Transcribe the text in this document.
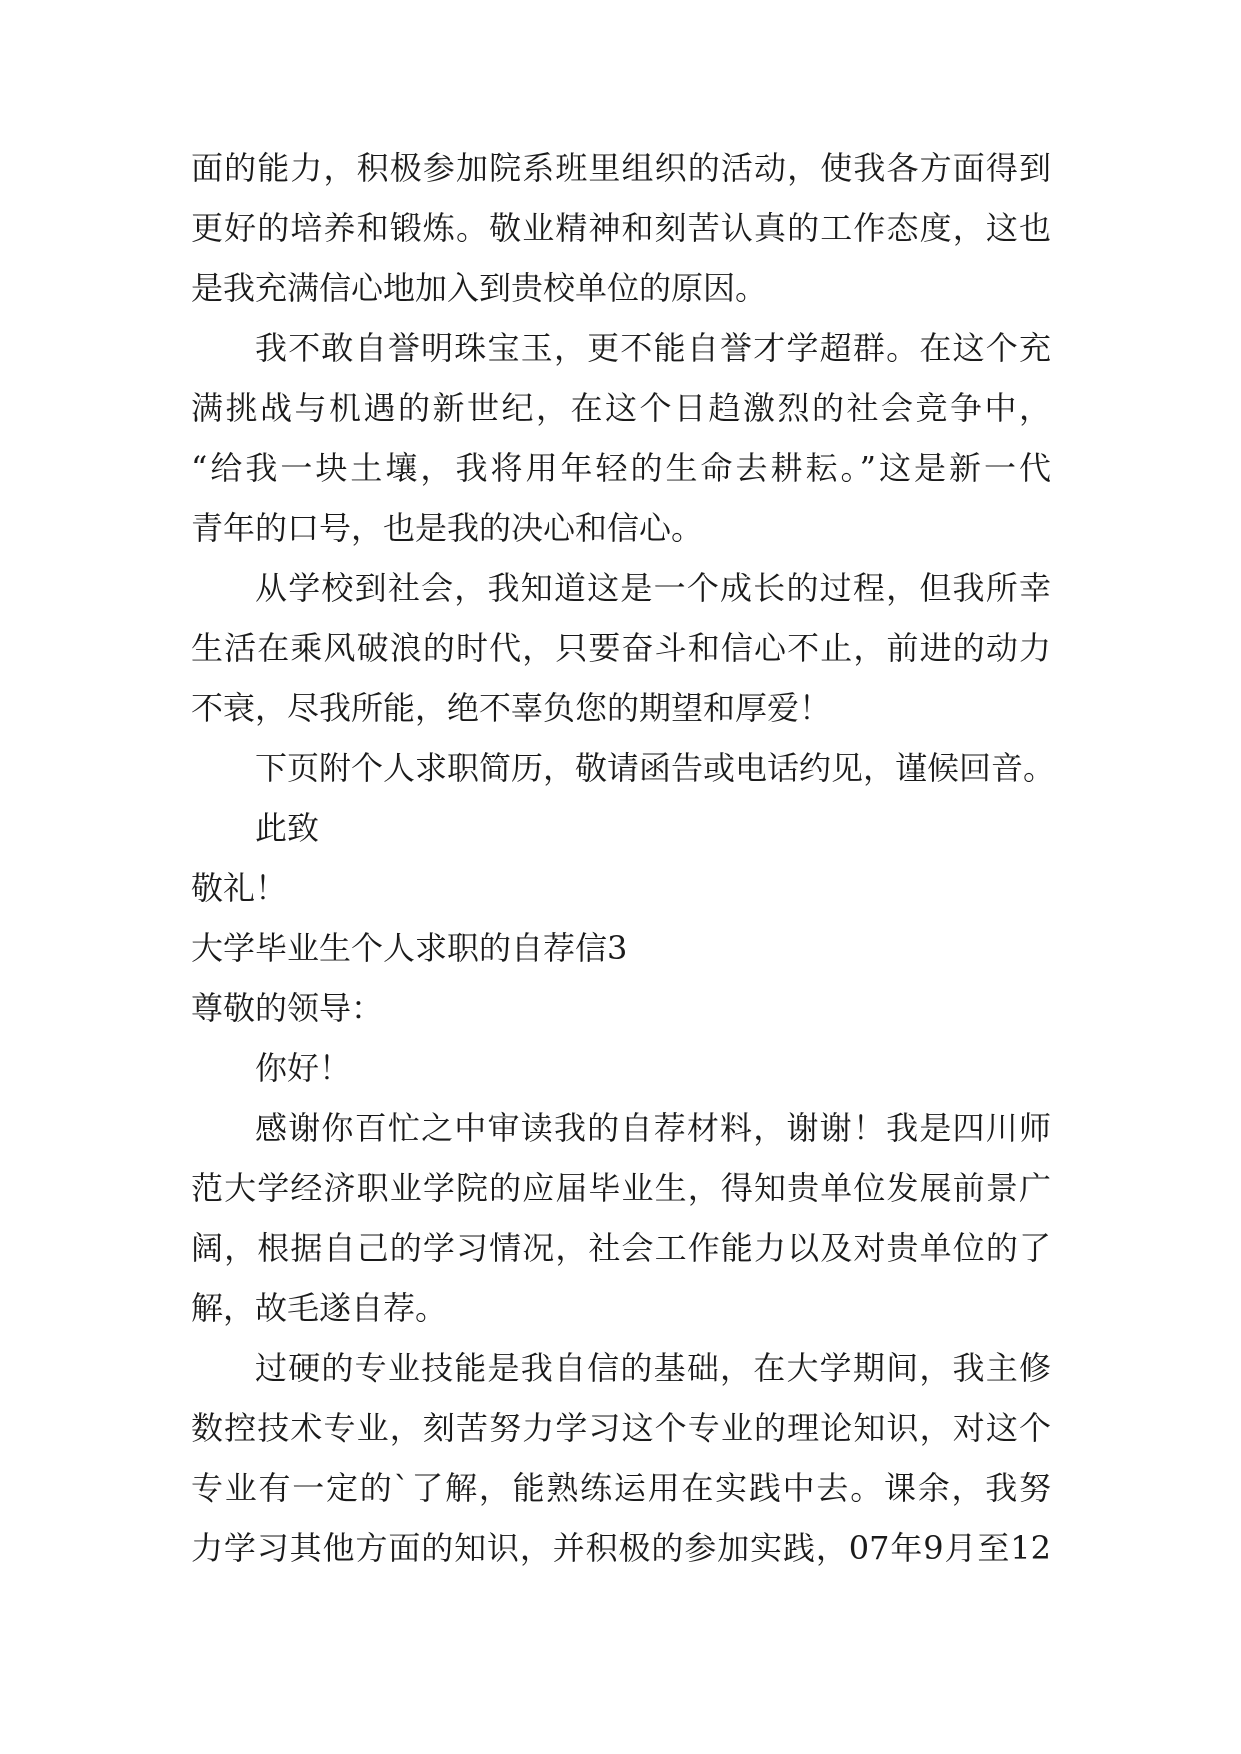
面的能力，积极参加院系班里组织的活动，使我各方面得到
更好的培养和锻炼。敬业精神和刻苦认真的工作态度，这也
是我充满信心地加入到贵校单位的原因。
我不敢自誉明珠宝玉，更不能自誉才学超群。在这个充
满挑战与机遇的新世纪，在这个日趋激烈的社会竞争中，
“给我一块土壤，我将用年轻的生命去耕耘。”这是新一代
青年的口号，也是我的决心和信心。
从学校到社会，我知道这是一个成长的过程，但我所幸
生活在乘风破浪的时代，只要奋斗和信心不止，前进的动力
不衰，尽我所能，绝不辜负您的期望和厚爱！
下页附个人求职简历，敬请函告或电话约见，谨候回音。
此致
敬礼！
大学毕业生个人求职的自荐信3
尊敬的领导：
你好！
感谢你百忙之中审读我的自荐材料，谢谢！我是四川师
范大学经济职业学院的应届毕业生，得知贵单位发展前景广
阔，根据自己的学习情况，社会工作能力以及对贵单位的了
解，故毛遂自荐。
过硬的专业技能是我自信的基础，在大学期间，我主修
数控技术专业，刻苦努力学习这个专业的理论知识，对这个
专业有一定的`了解，能熟练运用在实践中去。课余，我努
力学习其他方面的知识，并积极的参加实践，07年9月至12
